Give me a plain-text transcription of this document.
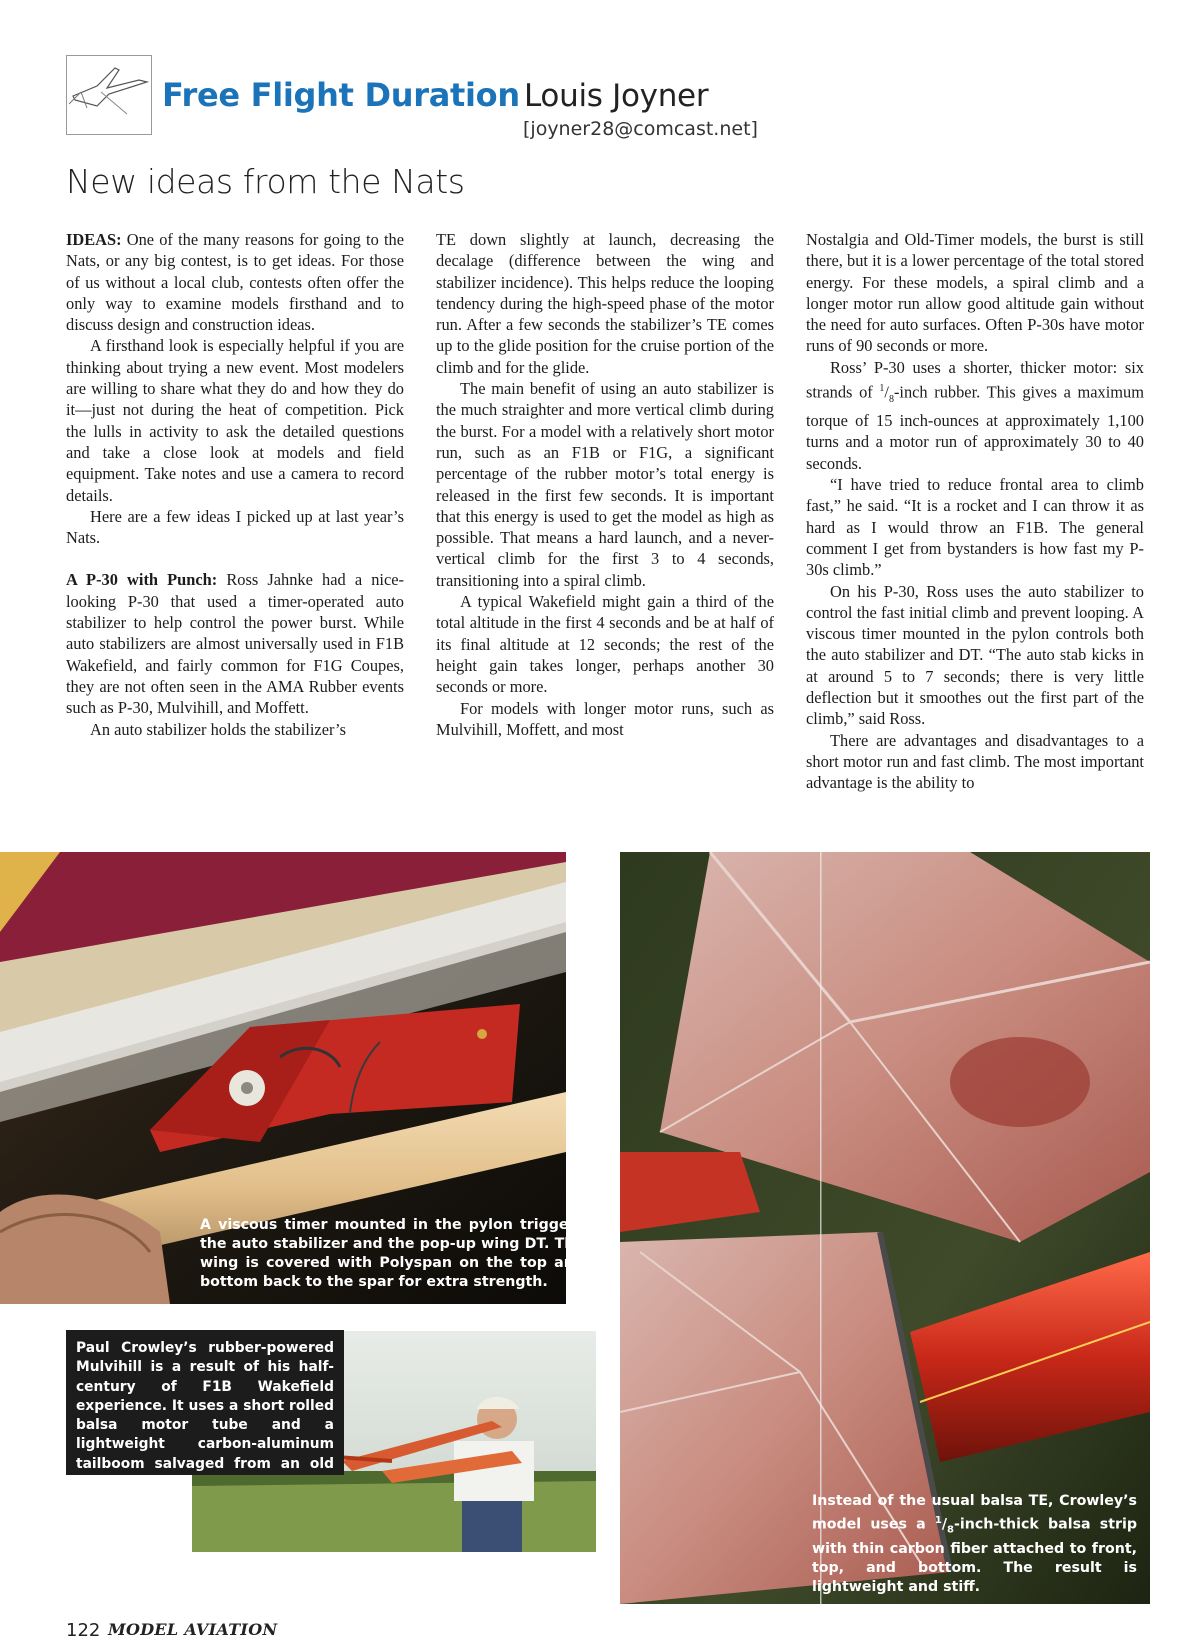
Free Flight Duration Louis Joyner
[joyner28@comcast.net]
New ideas from the Nats

IDEAS: One of the many reasons for going to the Nats, or any big contest, is to get ideas. For those of us without a local club, contests often offer the only way to examine models firsthand and to discuss design and construction ideas.

A firsthand look is especially helpful if you are thinking about trying a new event. Most modelers are willing to share what they do and how they do it—just not during the heat of competition. Pick the lulls in activity to ask the detailed questions and take a close look at models and field equipment. Take notes and use a camera to record details.

Here are a few ideas I picked up at last year’s Nats.

A P-30 with Punch: Ross Jahnke had a nice-looking P-30 that used a timer-operated auto stabilizer to help control the power burst. While auto stabilizers are almost universally used in F1B Wakefield, and fairly common for F1G Coupes, they are not often seen in the AMA Rubber events such as P-30, Mulvihill, and Moffett.

An auto stabilizer holds the stabilizer’s

TE down slightly at launch, decreasing the decalage (difference between the wing and stabilizer incidence). This helps reduce the looping tendency during the high-speed phase of the motor run. After a few seconds the stabilizer’s TE comes up to the glide position for the cruise portion of the climb and for the glide.

The main benefit of using an auto stabilizer is the much straighter and more vertical climb during the burst. For a model with a relatively short motor run, such as an F1B or F1G, a significant percentage of the rubber motor’s total energy is released in the first few seconds. It is important that this energy is used to get the model as high as possible. That means a hard launch, and a never-vertical climb for the first 3 to 4 seconds, transitioning into a spiral climb.

A typical Wakefield might gain a third of the total altitude in the first 4 seconds and be at half of its final altitude at 12 seconds; the rest of the height gain takes longer, perhaps another 30 seconds or more.

For models with longer motor runs, such as Mulvihill, Moffett, and most

Nostalgia and Old-Timer models, the burst is still there, but it is a lower percentage of the total stored energy. For these models, a spiral climb and a longer motor run allow good altitude gain without the need for auto surfaces. Often P-30s have motor runs of 90 seconds or more.

Ross’ P-30 uses a shorter, thicker motor: six strands of $^1/_8$-inch rubber. This gives a maximum torque of 15 inch-ounces at approximately 1,100 turns and a motor run of approximately 30 to 40 seconds.

“I have tried to reduce frontal area to climb fast,” he said. “It is a rocket and I can throw it as hard as I would throw an F1B. The general comment I get from bystanders is how fast my P-30s climb.”

On his P-30, Ross uses the auto stabilizer to control the fast initial climb and prevent looping. A viscous timer mounted in the pylon controls both the auto stabilizer and DT. “The auto stab kicks in at around 5 to 7 seconds; there is very little deflection but it smoothes out the first part of the climb,” said Ross.

There are advantages and disadvantages to a short motor run and fast climb. The most important advantage is the ability to

A viscous timer mounted in the pylon triggers the auto stabilizer and the pop-up wing DT. The wing is covered with Polyspan on the top and bottom back to the spar for extra strength.
Instead of the usual balsa TE, Crowley’s model uses a $^1/_8-inch$-thick balsa strip with thin carbon fiber attached to front, top, and bottom. The result is lightweight and stiff.
Paul Crowley’s rubber-powered Mulvihill is a result of his half-century of F1B Wakefield experience. It uses a short rolled balsa motor tube and a lightweight carbon-aluminum tailboom salvaged from an old F1B.
122 MODEL AVIATION
